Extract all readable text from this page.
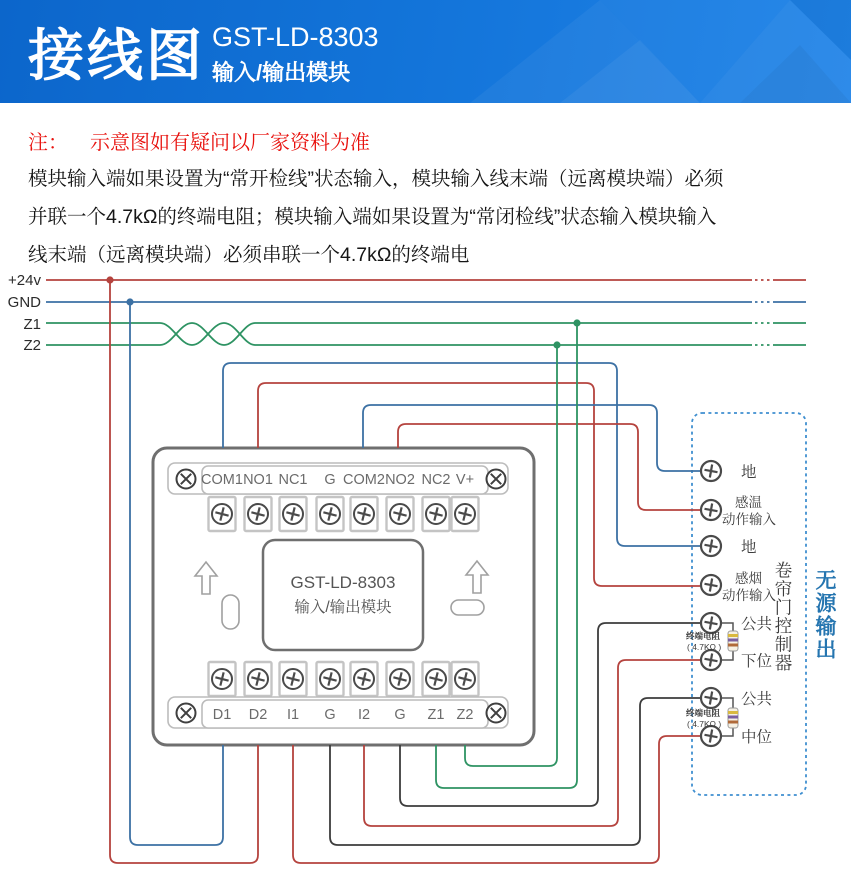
接线图 GST-LD-8303
输入/输出模块
注： 示意图如有疑问以厂家资料为准
模块输入端如果设置为“常开检线”状态输入，模块输入线末端（远离模块端）必须
并联一个4.7kΩ的终端电阻；模块输入端如果设置为“常闭检线”状态输入模块输入
线末端（远离模块端）必须串联一个4.7kΩ的终端电
+24v
GND
Z1
Z2
COM1 NO1 NC1 G COM2 NO2 NC2 V+
GST-LD-8303
输入/输出模块
D1 D2 I1 G I2 G Z1 Z2
地
感温
动作输入
地
感烟
动作输入
公共
下位
公共
中位
终端电阻
( 4.7KΩ )
终端电阻
( 4.7KΩ )
卷帘门控制器 无源输出
